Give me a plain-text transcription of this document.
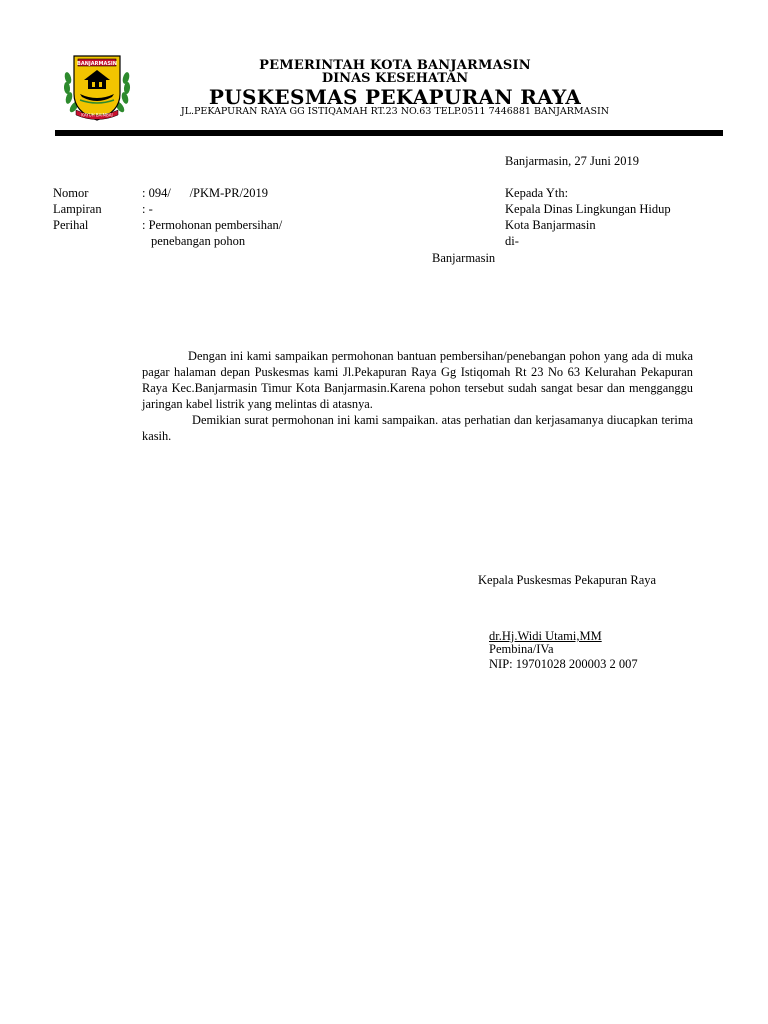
BANJARMASIN
KAYUH BAIMBAI
PEMERINTAH KOTA BANJARMASIN
DINAS KESEHATAN
PUSKESMAS PEKAPURAN RAYA
JL.PEKAPURAN RAYA GG ISTIQAMAH RT.23 NO.63 TELP.0511 7446881 BANJARMASIN
Banjarmasin, 27 Juni 2019
Nomor	: 094/      /PKM-PR/2019
Lampiran	: -
Perihal	: Permohonan pembersihan/
penebangan pohon
Kepada Yth:
Kepala Dinas Lingkungan Hidup
Kota Banjarmasin
di-
Banjarmasin

Dengan ini kami sampaikan permohonan bantuan pembersihan/penebangan pohon yang ada di muka pagar halaman depan Puskesmas kami Jl.Pekapuran Raya Gg Istiqomah Rt 23 No 63 Kelurahan Pekapuran Raya Kec.Banjarmasin Timur Kota Banjarmasin.Karena pohon tersebut sudah sangat besar dan mengganggu jaringan kabel listrik yang melintas di atasnya.

Demikian surat permohonan ini kami sampaikan. atas perhatian dan kerjasamanya diucapkan terima kasih.

Kepala Puskesmas Pekapuran Raya
dr.Hj.Widi Utami,MM
Pembina/IVa
NIP: 19701028 200003 2 007
